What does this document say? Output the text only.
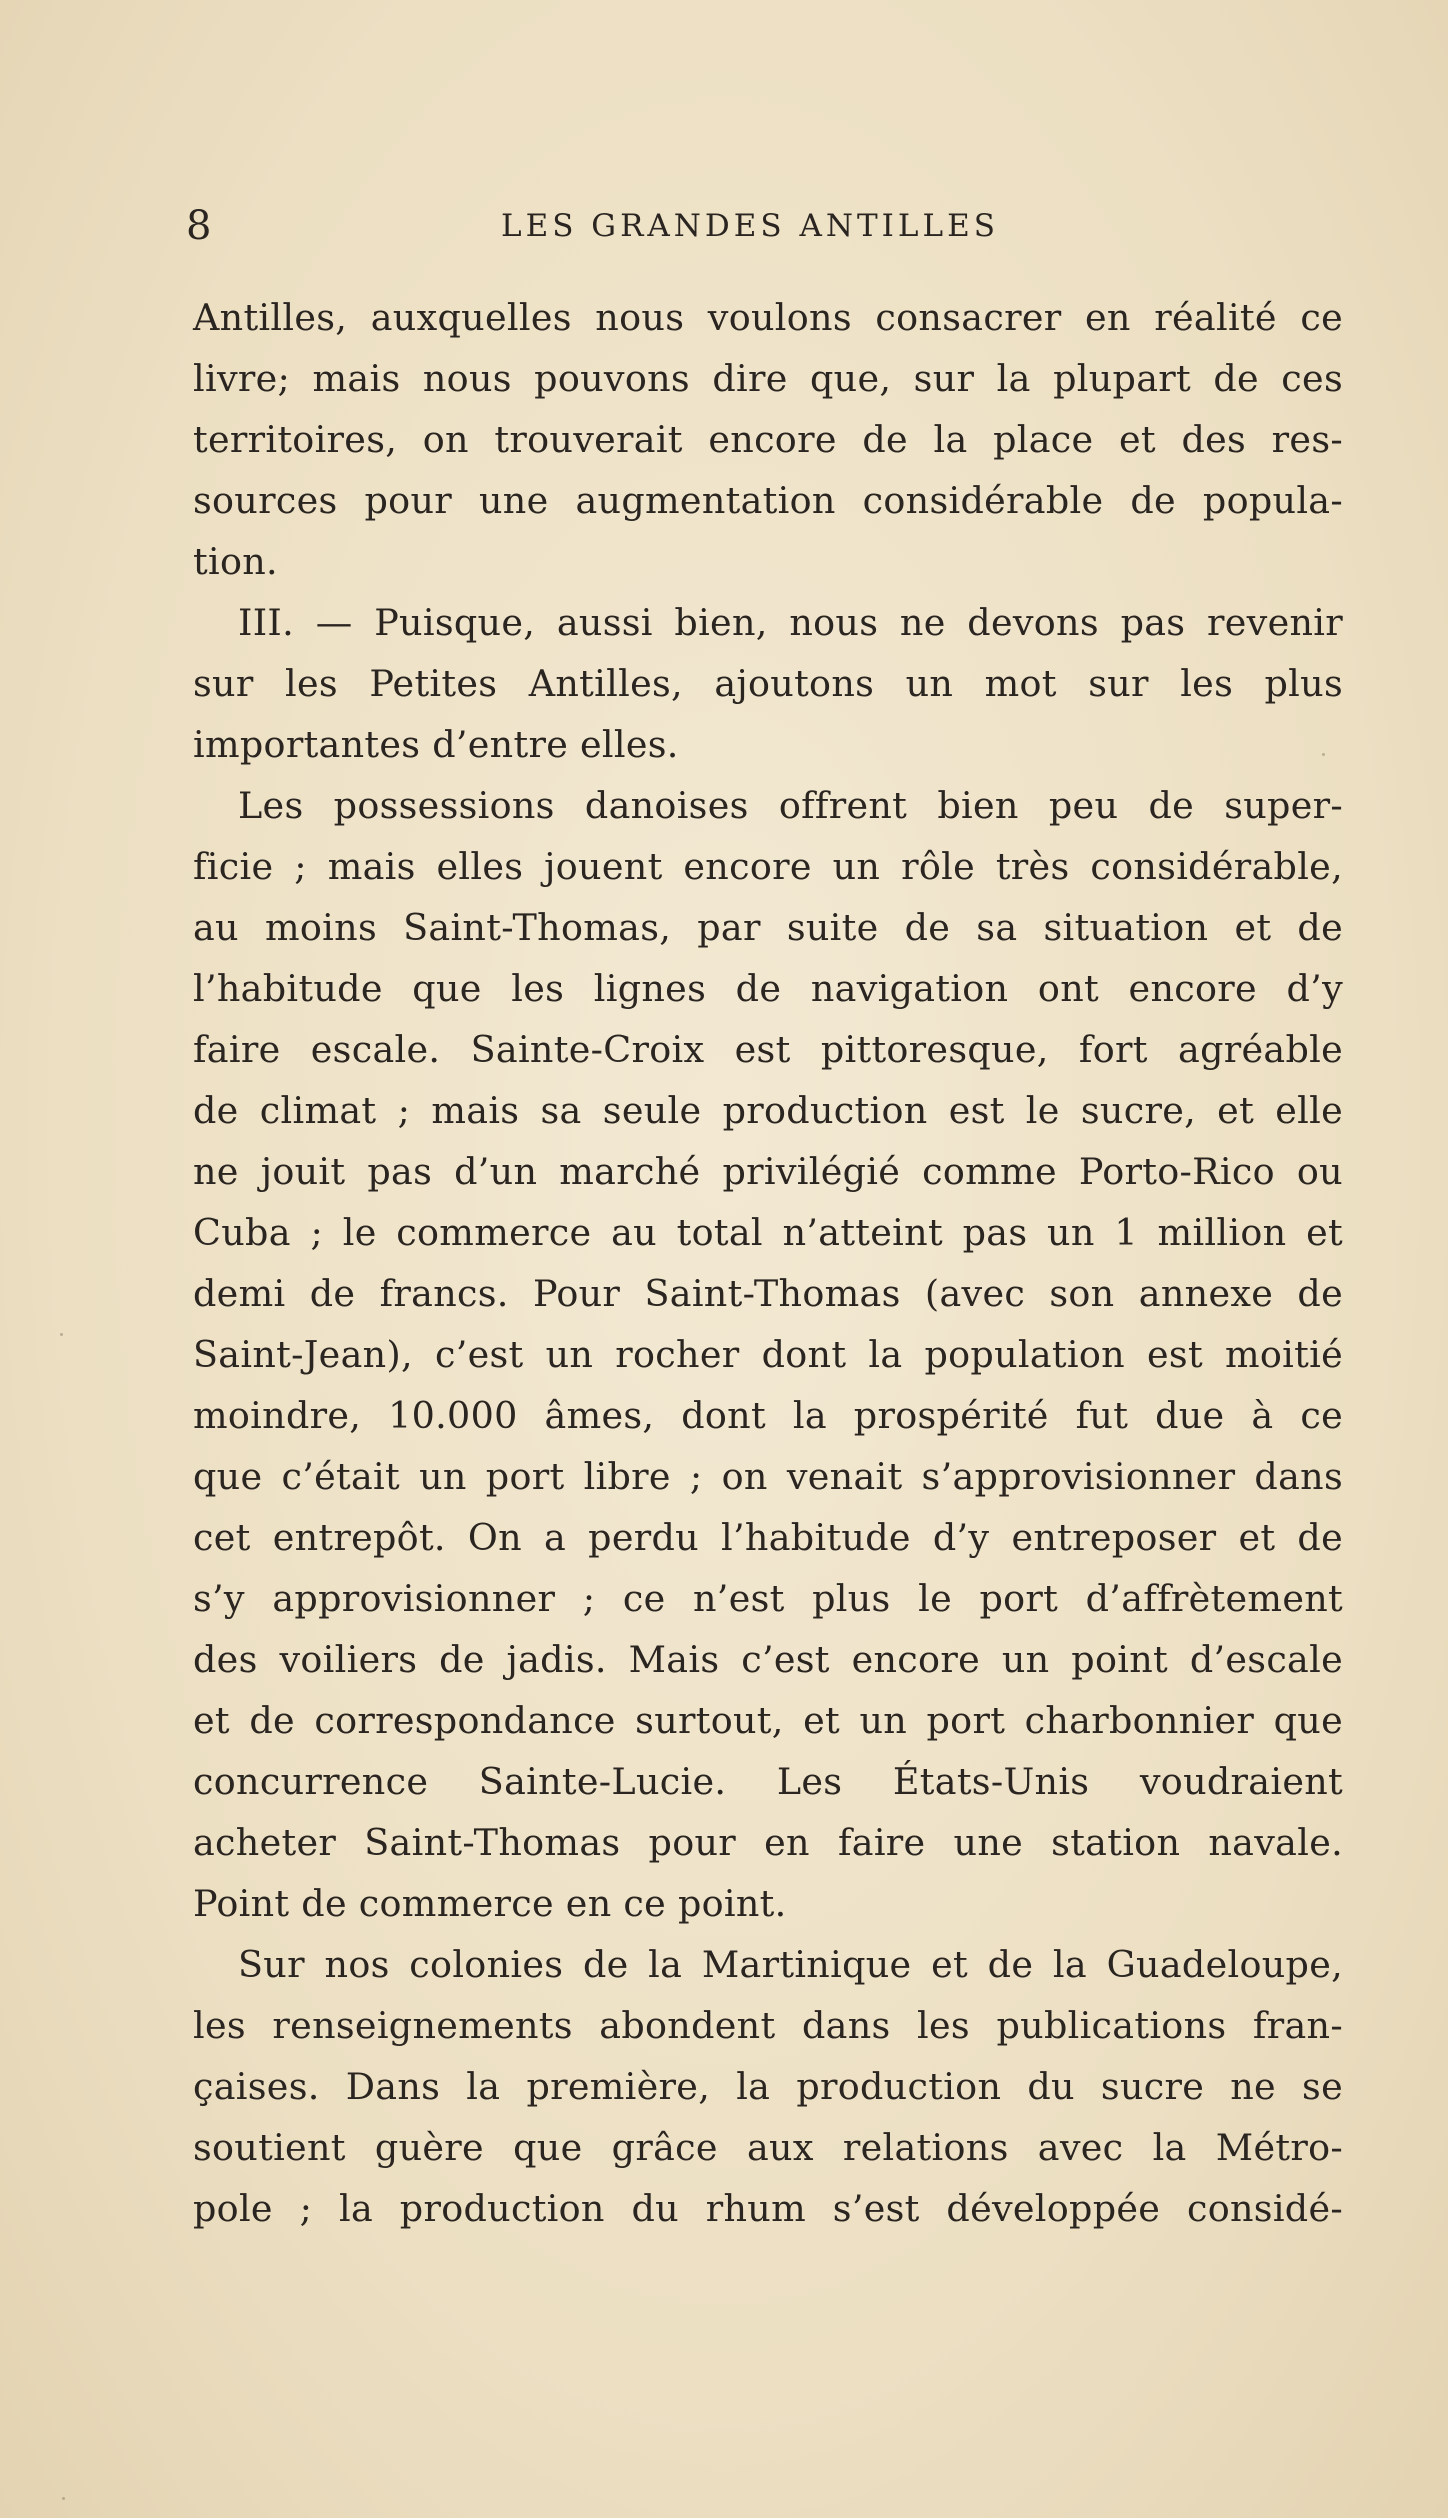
8	LES GRANDES ANTILLES
Antilles, auxquelles nous voulons consacrer en réalité ce
livre; mais nous pouvons dire que, sur la plupart de ces
territoires, on trouverait encore de la place et des res-
sources pour une augmentation considérable de popula-
tion.
III. — Puisque, aussi bien, nous ne devons pas revenir
sur les Petites Antilles, ajoutons un mot sur les plus
importantes d’entre elles.
Les possessions danoises offrent bien peu de super-
ficie ; mais elles jouent encore un rôle très considérable,
au moins Saint-Thomas, par suite de sa situation et de
l’habitude que les lignes de navigation ont encore d’y
faire escale. Sainte-Croix est pittoresque, fort agréable
de climat ; mais sa seule production est le sucre, et elle
ne jouit pas d’un marché privilégié comme Porto-Rico ou
Cuba ; le commerce au total n’atteint pas un 1 million et
demi de francs. Pour Saint-Thomas (avec son annexe de
Saint-Jean), c’est un rocher dont la population est moitié
moindre, 10.000 âmes, dont la prospérité fut due à ce
que c’était un port libre ; on venait s’approvisionner dans
cet entrepôt. On a perdu l’habitude d’y entreposer et de
s’y approvisionner ; ce n’est plus le port d’affrètement
des voiliers de jadis. Mais c’est encore un point d’escale
et de correspondance surtout, et un port charbonnier que
concurrence Sainte-Lucie. Les États-Unis voudraient
acheter Saint-Thomas pour en faire une station navale.
Point de commerce en ce point.
Sur nos colonies de la Martinique et de la Guadeloupe,
les renseignements abondent dans les publications fran-
çaises. Dans la première, la production du sucre ne se
soutient guère que grâce aux relations avec la Métro-
pole ; la production du rhum s’est développée considé-
